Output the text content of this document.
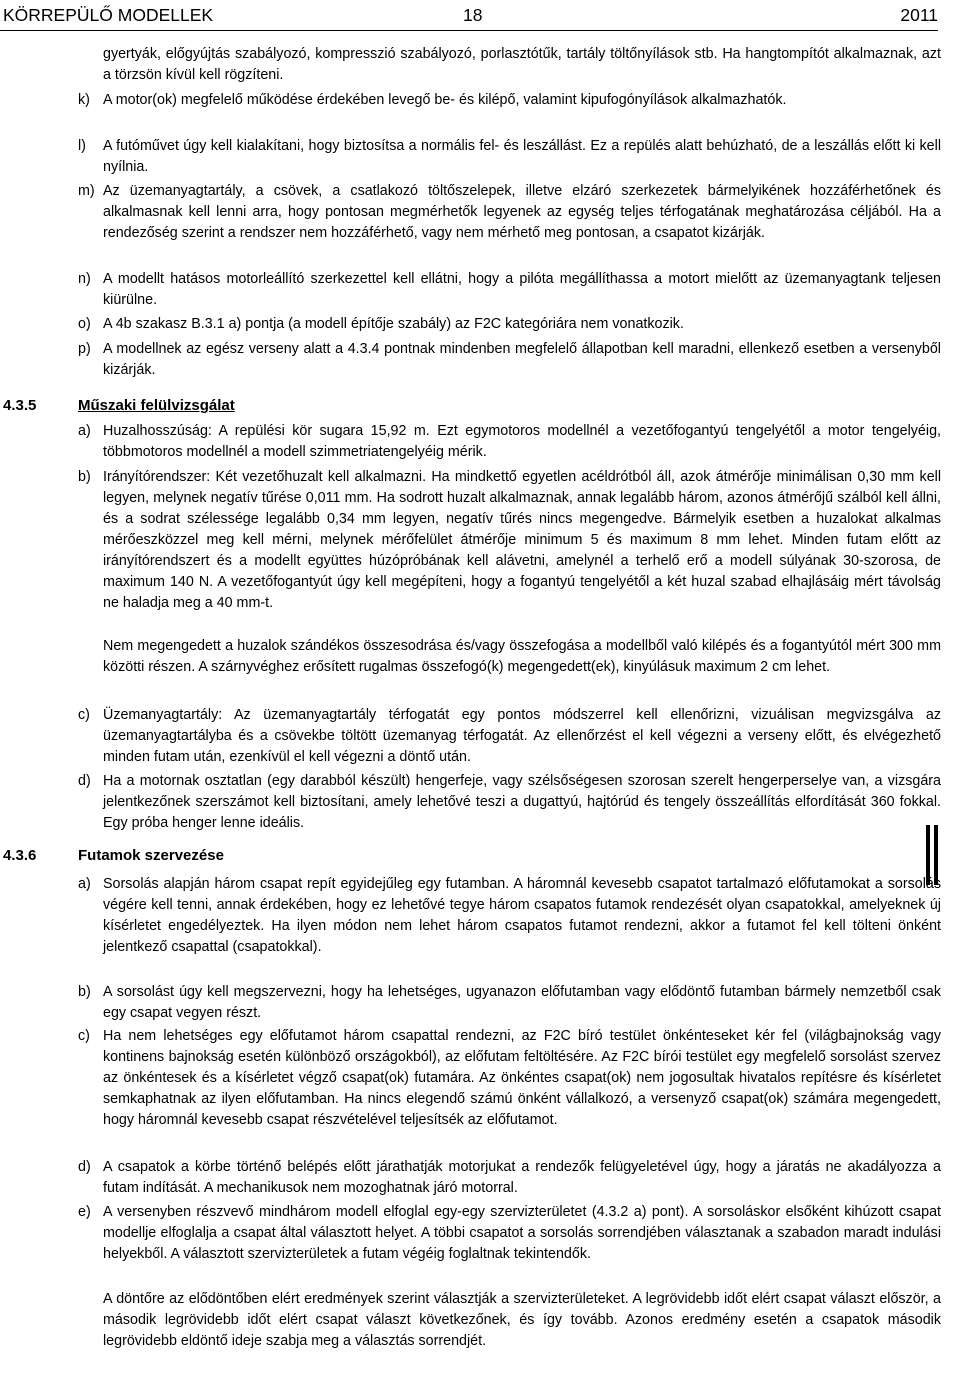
KÖRREPÜLŐ MODELLEK	18	2011

gyertyák, előgyújtás szabályozó, kompresszió szabályozó, porlasztótűk, tartály töltőnyílások stb. Ha hangtompítót alkalmaznak, azt a törzsön kívül kell rögzíteni.

k) A motor(ok) megfelelő működése érdekében levegő be- és kilépő, valamint kipufogónyílások alkalmazhatók.
l)	A futóművet úgy kell kialakítani, hogy biztosítsa a normális fel- és leszállást. Ez a repülés alatt behúzható, de a leszállás előtt ki kell nyílnia.
m) Az üzemanyagtartály, a csövek, a csatlakozó töltőszelepek, illetve elzáró szerkezetek bármelyikének hozzáférhetőnek és alkalmasnak kell lenni arra, hogy pontosan megmérhetők legyenek az egység teljes térfogatának meghatározása céljából. Ha a rendezőség szerint a rendszer nem hozzáférhető, vagy nem mérhető meg pontosan, a csapatot kizárják.
n) A modellt hatásos motorleállító szerkezettel kell ellátni, hogy a pilóta megállíthassa a motort mielőtt az üzemanyagtank teljesen kiürülne.
o) A 4b szakasz B.3.1 a) pontja (a modell építője szabály) az F2C kategóriára nem vonatkozik.
p) A modellnek az egész verseny alatt a 4.3.4 pontnak mindenben megfelelő állapotban kell maradni, ellenkező esetben a versenyből kizárják.
4.3.5	Műszaki felülvizsgálat
a) Huzalhosszúság: A repülési kör sugara 15,92 m. Ezt egymotoros modellnél a vezetőfogantyú tengelyétől a motor tengelyéig, többmotoros modellnél a modell szimmetriatengelyéig mérik.
b) Irányítórendszer: Két vezetőhuzalt kell alkalmazni. Ha mindkettő egyetlen acéldrótból áll, azok átmérője minimálisan 0,30 mm kell legyen, melynek negatív tűrése 0,011 mm. Ha sodrott huzalt alkalmaznak, annak legalább három, azonos átmérőjű szálból kell állni, és a sodrat szélessége legalább 0,34 mm legyen, negatív tűrés nincs megengedve. Bármelyik esetben a huzalokat alkalmas mérőeszközzel meg kell mérni, melynek mérőfelület átmérője minimum 5 és maximum 8 mm lehet. Minden futam előtt az irányítórendszert és a modellt együttes húzópróbának kell alávetni, amelynél a terhelő erő a modell súlyának 30-szorosa, de maximum 140 N. A vezetőfogantyút úgy kell megépíteni, hogy a fogantyú tengelyétől a két huzal szabad elhajlásáig mért távolság ne haladja meg a 40 mm-t.
Nem megengedett a huzalok szándékos összesodrása és/vagy összefogása a modellből való kilépés és a fogantyútól mért 300 mm közötti részen. A szárnyvéghez erősített rugalmas összefogó(k) megengedett(ek), kinyúlásuk maximum 2 cm lehet.
c) Üzemanyagtartály: Az üzemanyagtartály térfogatát egy pontos módszerrel kell ellenőrizni, vizuálisan megvizsgálva az üzemanyagtartályba és a csövekbe töltött üzemanyag térfogatát. Az ellenőrzést el kell végezni a verseny előtt, és elvégezhető minden futam után, ezenkívül el kell végezni a döntő után.
d) Ha a motornak osztatlan (egy darabból készült) hengerfeje, vagy szélsőségesen szorosan szerelt hengerperselye van, a vizsgára jelentkezőnek szerszámot kell biztosítani, amely lehetővé teszi a dugattyú, hajtórúd és tengely összeállítás elfordítását 360 fokkal. Egy próba henger lenne ideális.
4.3.6	Futamok szervezése
a) Sorsolás alapján három csapat repít egyidejűleg egy futamban. A háromnál kevesebb csapatot tartalmazó előfutamokat a sorsolás végére kell tenni, annak érdekében, hogy ez lehetővé tegye három csapatos futamok rendezését olyan csapatokkal, amelyeknek új kísérletet engedélyeztek. Ha ilyen módon nem lehet három csapatos futamot rendezni, akkor a futamot fel kell tölteni önként jelentkező csapattal (csapatokkal).
b) A sorsolást úgy kell megszervezni, hogy ha lehetséges, ugyanazon előfutamban vagy elődöntő futamban bármely nemzetből csak egy csapat vegyen részt.
c) Ha nem lehetséges egy előfutamot három csapattal rendezni, az F2C bíró testület önkénteseket kér fel (világbajnokság vagy kontinens bajnokság esetén különböző országokból), az előfutam feltöltésére. Az F2C bírói testület egy megfelelő sorsolást szervez az önkéntesek és a kísérletet végző csapat(ok) futamára. Az önkéntes csapat(ok) nem jogosultak hivatalos repítésre és kísérletet semkaphatnak az ilyen előfutamban. Ha nincs elegendő számú önként vállalkozó, a versenyző csapat(ok) számára megengedett, hogy háromnál kevesebb csapat részvételével teljesítsék az előfutamot.
d) A csapatok a körbe történő belépés előtt járathatják motorjukat a rendezők felügyeletével úgy, hogy a járatás ne akadályozza a futam indítását. A mechanikusok nem mozoghatnak járó motorral.
e) A versenyben részvevő mindhárom modell elfoglal egy-egy szervizterületet (4.3.2 a) pont). A sorsoláskor elsőként kihúzott csapat modellje elfoglalja a csapat által választott helyet. A többi csapatot a sorsolás sorrendjében választanak a szabadon maradt indulási helyekből. A választott szervizterületek a futam végéig foglaltnak tekintendők.
A döntőre az elődöntőben elért eredmények szerint választják a szervizterületeket. A legrövidebb időt elért csapat választ először, a második legrövidebb időt elért csapat választ következőnek, és így tovább. Azonos eredmény esetén a csapatok második legrövidebb eldöntő ideje szabja meg a választás sorrendjét.
